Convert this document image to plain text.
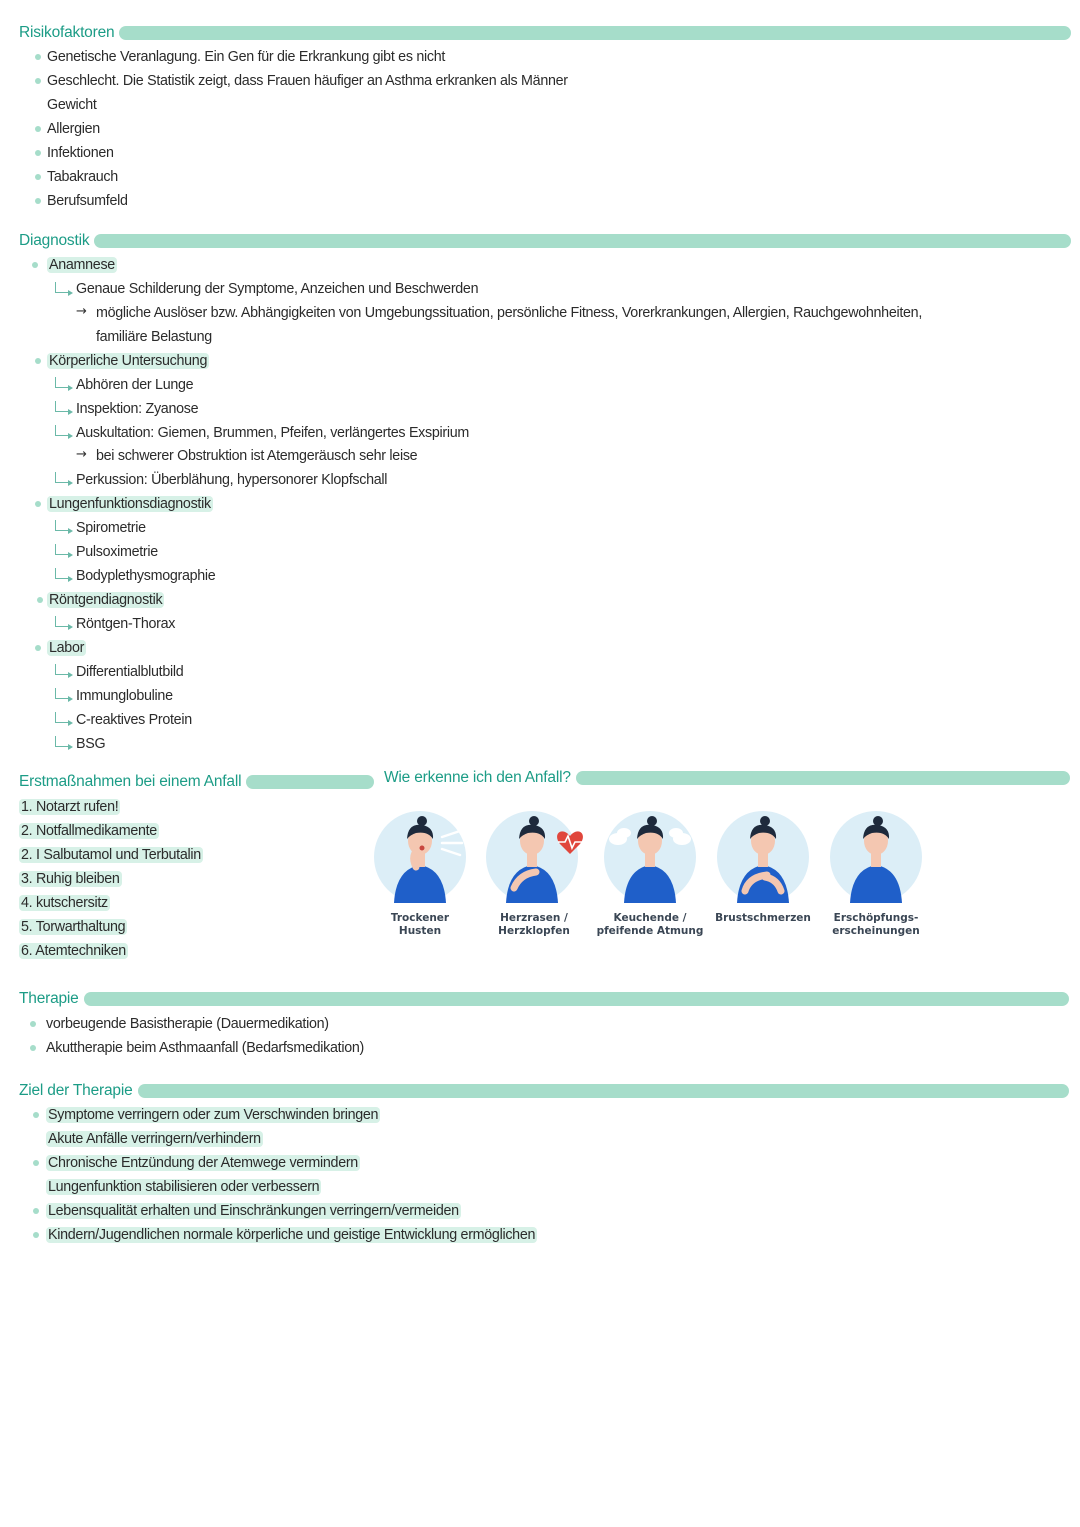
Risikofaktoren
Genetische Veranlagung. Ein Gen für die Erkrankung gibt es nicht
Geschlecht. Die Statistik zeigt, dass Frauen häufiger an Asthma erkranken als Männer
Gewicht
Allergien
Infektionen
Tabakrauch
Berufsumfeld
Diagnostik
Anamnese
Genaue Schilderung der Symptome, Anzeichen und Beschwerden
→ mögliche Auslöser bzw. Abhängigkeiten von Umgebungssituation, persönliche Fitness, Vorerkrankungen, Allergien, Rauchgewohnheiten,
familiäre Belastung
Körperliche Untersuchung
Abhören der Lunge
Inspektion: Zyanose
Auskultation: Giemen, Brummen, Pfeifen, verlängertes Exspirium
→ bei schwerer Obstruktion ist Atemgeräusch sehr leise
Perkussion: Überblähung, hypersonorer Klopfschall
Lungenfunktionsdiagnostik
Spirometrie
Pulsoximetrie
Bodyplethysmographie
Röntgendiagnostik
Röntgen-Thorax
Labor
Differentialblutbild
Immunglobuline
C-reaktives Protein
BSG
Erstmaßnahmen bei einem Anfall
1. Notarzt rufen!
2. Notfallmedikamente
2. I Salbutamol und Terbutalin
3. Ruhig bleiben
4. kutschersitz
5. Torwarthaltung
6. Atemtechniken
Wie erkenne ich den Anfall?
Trockener
Husten
Herzrasen /
Herzklopfen
Keuchende /
pfeifende Atmung
Brustschmerzen	Erschöpfungs-
erscheinungen
Therapie
vorbeugende Basistherapie (Dauermedikation)
Akuttherapie beim Asthmaanfall (Bedarfsmedikation)
Ziel der Therapie
Symptome verringern oder zum Verschwinden bringen
Akute Anfälle verringern/verhindern
Chronische Entzündung der Atemwege vermindern
Lungenfunktion stabilisieren oder verbessern
Lebensqualität erhalten und Einschränkungen verringern/vermeiden
Kindern/Jugendlichen normale körperliche und geistige Entwicklung ermöglichen
